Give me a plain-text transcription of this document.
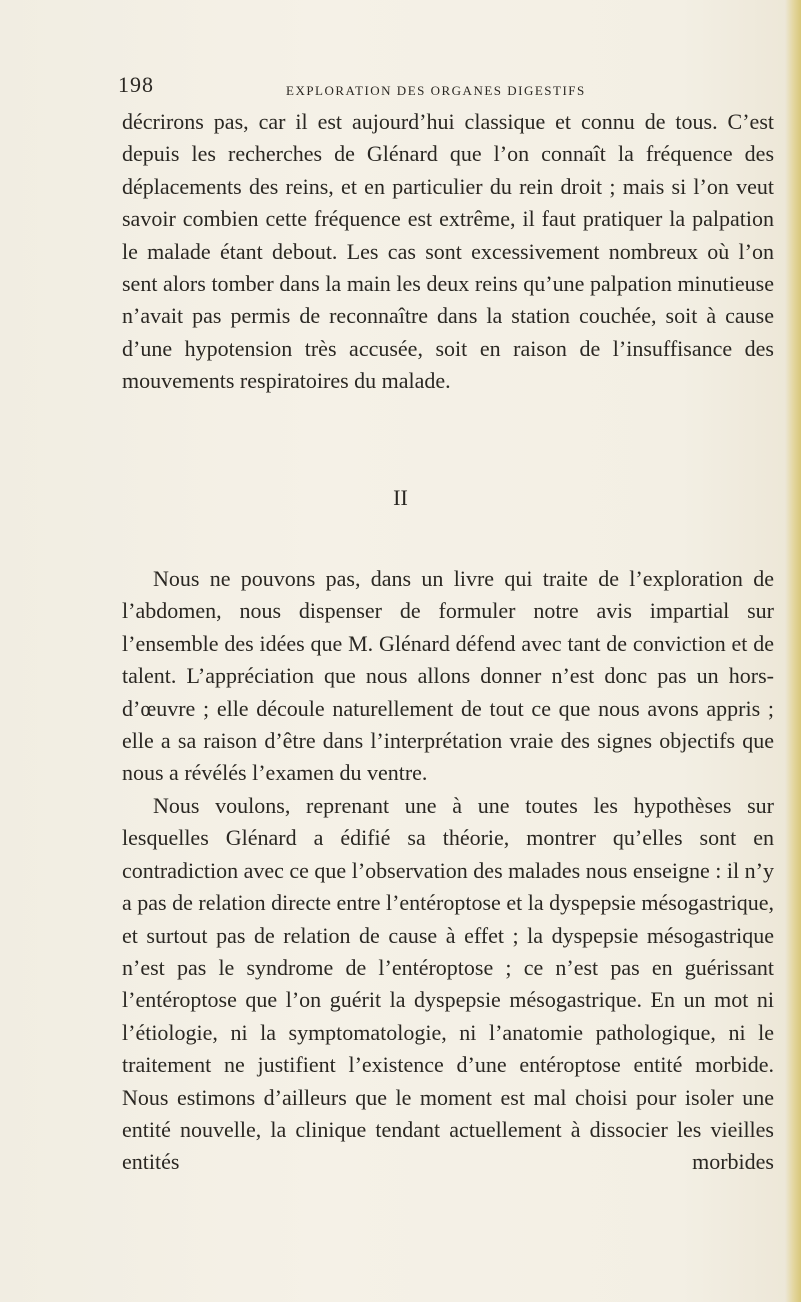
198	EXPLORATION DES ORGANES DIGESTIFS
décrirons pas, car il est aujourd’hui classique et connu de tous. C’est depuis les recherches de Glénard que l’on connaît la fréquence des déplacements des reins, et en particulier du rein droit ; mais si l’on veut savoir combien cette fréquence est extrême, il faut pratiquer la palpation le malade étant debout. Les cas sont excessivement nombreux où l’on sent alors tomber dans la main les deux reins qu’une palpation minutieuse n’avait pas permis de reconnaître dans la station couchée, soit à cause d’une hypotension très accusée, soit en raison de l’insuffisance des mouvements respiratoires du malade.
II
Nous ne pouvons pas, dans un livre qui traite de l’exploration de l’abdomen, nous dispenser de formuler notre avis impartial sur l’ensemble des idées que M. Glénard défend avec tant de conviction et de talent. L’appréciation que nous allons donner n’est donc pas un hors-d’œuvre ; elle découle naturellement de tout ce que nous avons appris ; elle a sa raison d’être dans l’interprétation vraie des signes objectifs que nous a révélés l’examen du ventre.
Nous voulons, reprenant une à une toutes les hypothèses sur lesquelles Glénard a édifié sa théorie, montrer qu’elles sont en contradiction avec ce que l’observation des malades nous enseigne : il n’y a pas de relation directe entre l’entéroptose et la dyspepsie mésogastrique, et surtout pas de relation de cause à effet ; la dyspepsie mésogastrique n’est pas le syndrome de l’entéroptose ; ce n’est pas en guérissant l’entéroptose que l’on guérit la dyspepsie mésogastrique. En un mot ni l’étiologie, ni la symptomatologie, ni l’anatomie pathologique, ni le traitement ne justifient l’existence d’une entéroptose entité morbide. Nous estimons d’ailleurs que le moment est mal choisi pour isoler une entité nouvelle, la clinique tendant actuellement à dissocier les vieilles entités morbides
